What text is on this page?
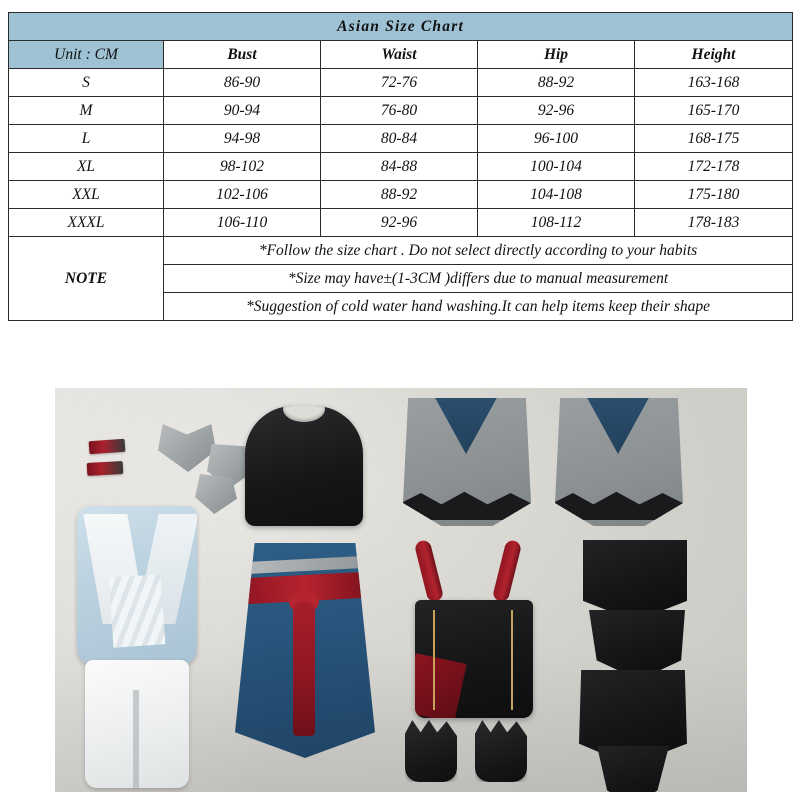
Asian Size Chart				
Unit : CM	Bust	Waist	Hip	Height
S	86-90	72-76	88-92	163-168
M	90-94	76-80	92-96	165-170
L	94-98	80-84	96-100	168-175
XL	98-102	84-88	100-104	172-178
XXL	102-106	88-92	104-108	175-180
XXXL	106-110	92-96	108-112	178-183
NOTE	*Follow the size chart . Do not select directly according to your habits			
	*Size may have±(1-3CM )differs due to manual measurement			
	*Suggestion of cold water hand washing.It can help items keep their shape			
